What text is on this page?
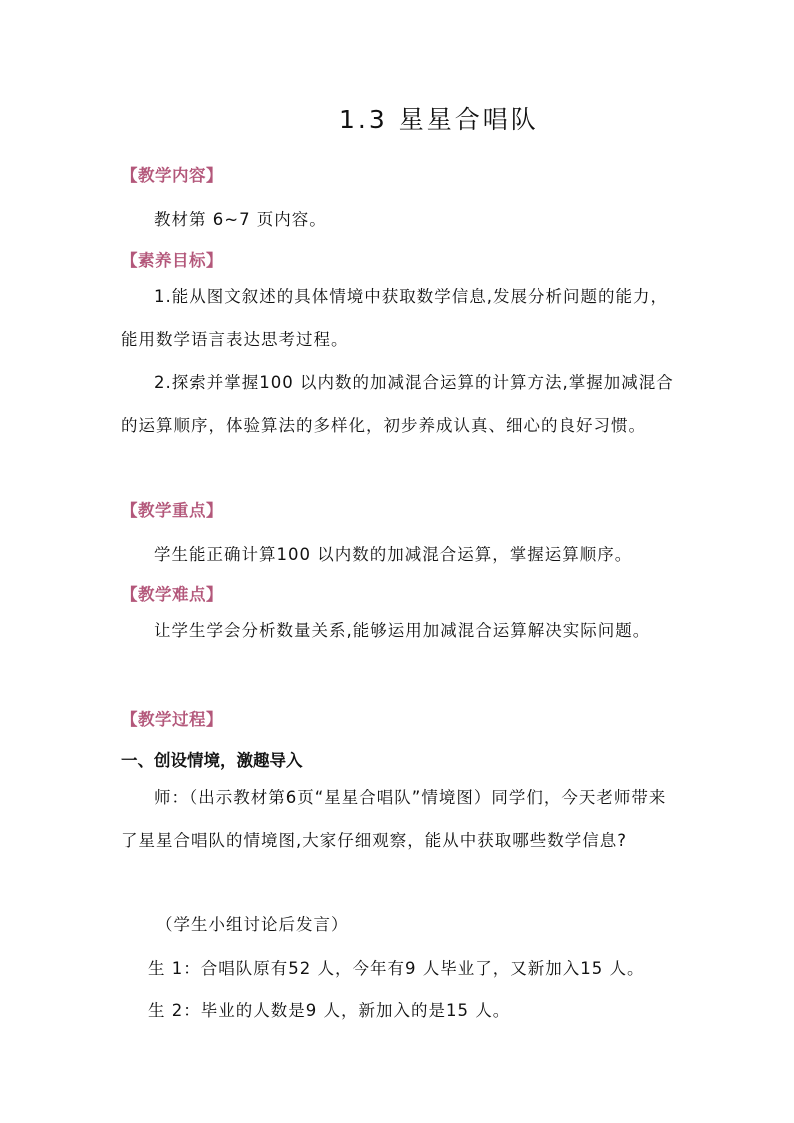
1.3 星星合唱队
【教学内容】
教材第 6~7 页内容。
【素养目标】
1.能从图文叙述的具体情境中获取数学信息,发展分析问题的能力，能用数学语言表达思考过程。
2.探索并掌握100 以内数的加减混合运算的计算方法,掌握加减混合的运算顺序，体验算法的多样化，初步养成认真、细心的良好习惯。
【教学重点】
学生能正确计算100 以内数的加减混合运算，掌握运算顺序。
【教学难点】
让学生学会分析数量关系,能够运用加减混合运算解决实际问题。
【教学过程】
一、创设情境，激趣导入
师：（出示教材第6页“星星合唱队”情境图）同学们，今天老师带来了星星合唱队的情境图,大家仔细观察，能从中获取哪些数学信息?
（学生小组讨论后发言）
生 1：合唱队原有52 人，今年有9 人毕业了，又新加入15 人。
生 2：毕业的人数是9 人，新加入的是15 人。
